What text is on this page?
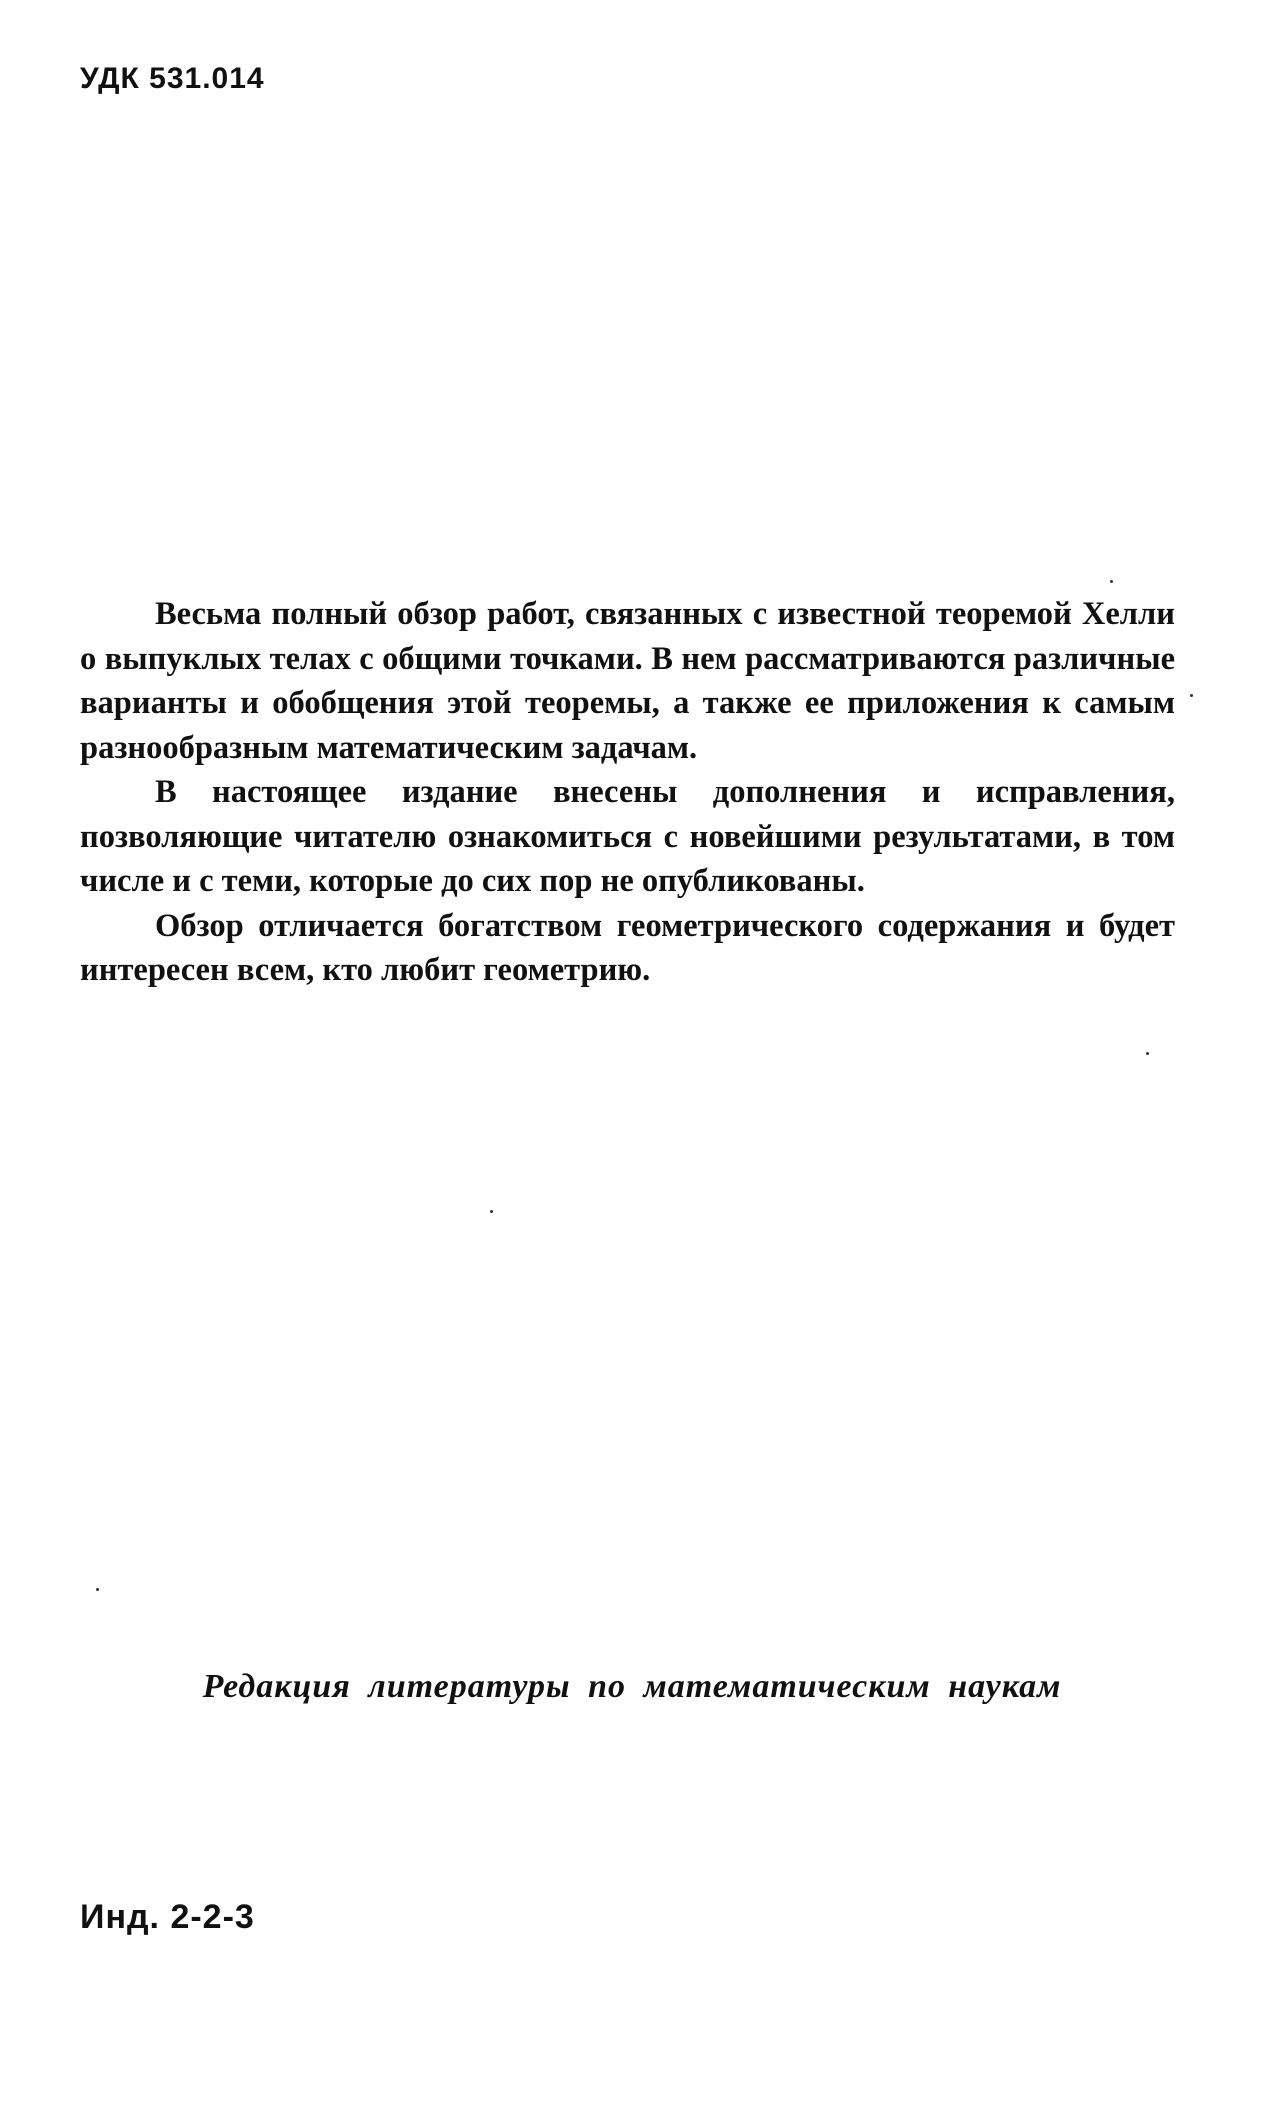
УДК 531.014

Весьма полный обзор работ, связанных с известной теоремой Хелли о выпуклых телах с общими точками. В нем рассматриваются различные варианты и обобщения этой теоремы, а также ее приложения к самым разнообразным математическим задачам.

В настоящее издание внесены дополнения и исправления, позволяющие читателю ознакомиться с новейшими результатами, в том числе и с теми, которые до сих пор не опубликованы.

Обзор отличается богатством геометрического содержания и будет интересен всем, кто любит геометрию.

Редакция литературы по математическим наукам
Инд. 2-2-3
